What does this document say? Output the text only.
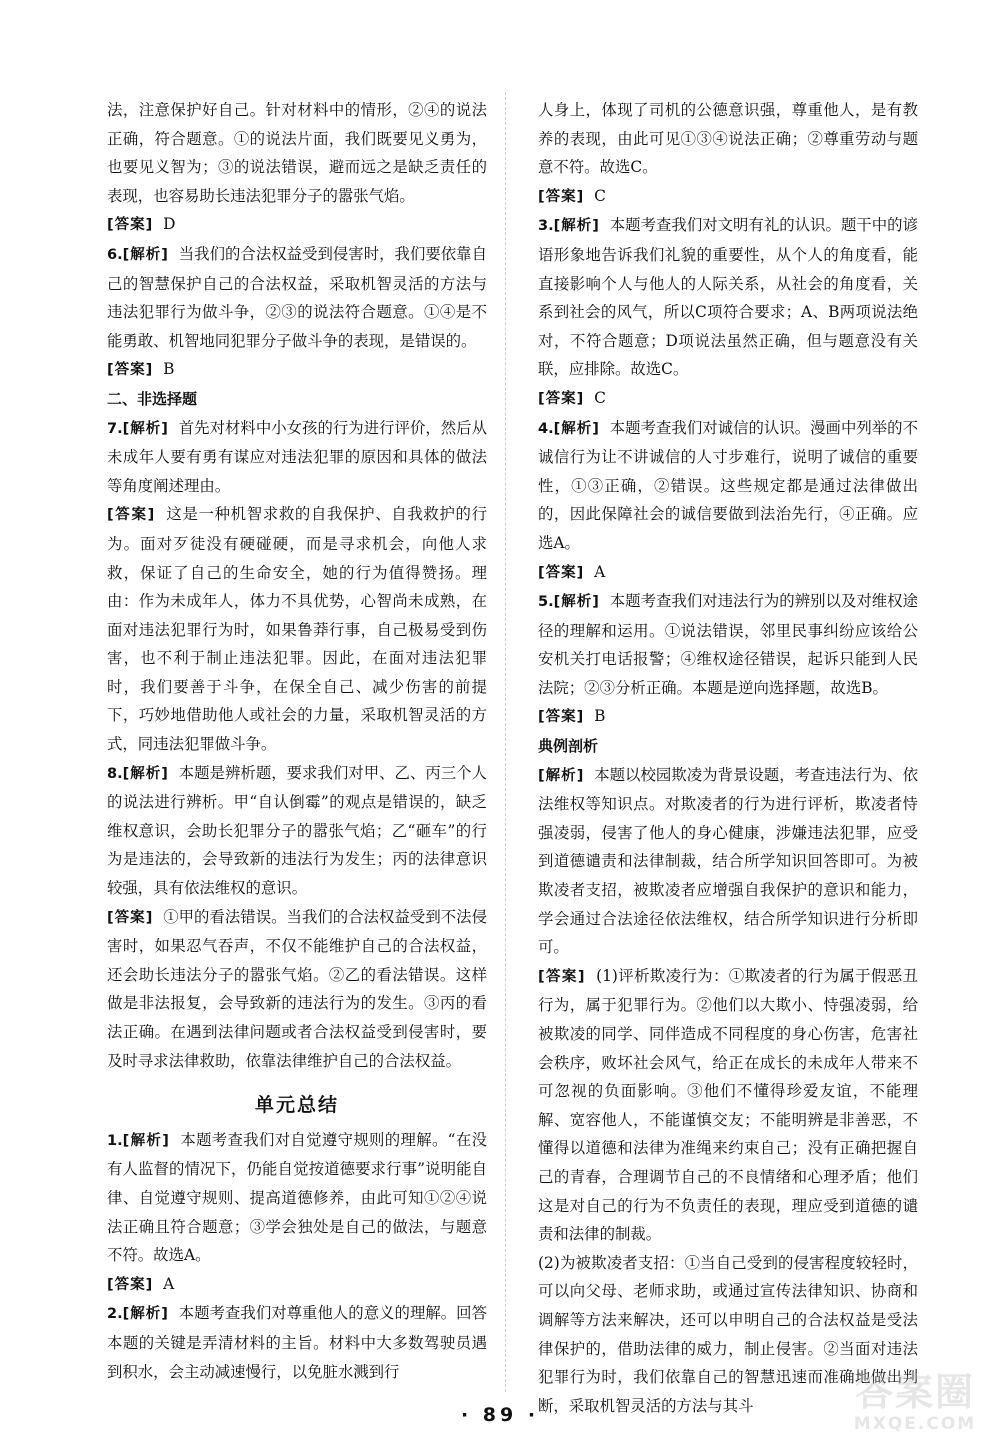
法，注意保护好自己。针对材料中的情形，②④的说法正确，符合题意。①的说法片面，我们既要见义勇为，也要见义智为；③的说法错误，避而远之是缺乏责任的表现，也容易助长违法犯罪分子的嚣张气焰。

[答案] D

6.[解析] 当我们的合法权益受到侵害时，我们要依靠自己的智慧保护自己的合法权益，采取机智灵活的方法与违法犯罪行为做斗争，②③的说法符合题意。①④是不能勇敢、机智地同犯罪分子做斗争的表现，是错误的。

[答案] B

二、非选择题

7.[解析] 首先对材料中小女孩的行为进行评价，然后从未成年人要有勇有谋应对违法犯罪的原因和具体的做法等角度阐述理由。

[答案] 这是一种机智求救的自我保护、自我救护的行为。面对歹徒没有硬碰硬，而是寻求机会，向他人求救，保证了自己的生命安全，她的行为值得赞扬。理由：作为未成年人，体力不具优势，心智尚未成熟，在面对违法犯罪行为时，如果鲁莽行事，自己极易受到伤害，也不利于制止违法犯罪。因此，在面对违法犯罪时，我们要善于斗争，在保全自己、减少伤害的前提下，巧妙地借助他人或社会的力量，采取机智灵活的方式，同违法犯罪做斗争。

8.[解析] 本题是辨析题，要求我们对甲、乙、丙三个人的说法进行辨析。甲“自认倒霉”的观点是错误的，缺乏维权意识，会助长犯罪分子的嚣张气焰；乙“砸车”的行为是违法的，会导致新的违法行为发生；丙的法律意识较强，具有依法维权的意识。

[答案] ①甲的看法错误。当我们的合法权益受到不法侵害时，如果忍气吞声，不仅不能维护自己的合法权益，还会助长违法分子的嚣张气焰。②乙的看法错误。这样做是非法报复，会导致新的违法行为的发生。③丙的看法正确。在遇到法律问题或者合法权益受到侵害时，要及时寻求法律救助，依靠法律维护自己的合法权益。

单元总结

1.[解析] 本题考查我们对自觉遵守规则的理解。“在没有人监督的情况下，仍能自觉按道德要求行事”说明能自律、自觉遵守规则、提高道德修养，由此可知①②④说法正确且符合题意；③学会独处是自己的做法，与题意不符。故选A。

[答案] A

2.[解析] 本题考查我们对尊重他人的意义的理解。回答本题的关键是弄清材料的主旨。材料中大多数驾驶员遇到积水，会主动减速慢行，以免脏水溅到行

人身上，体现了司机的公德意识强，尊重他人，是有教养的表现，由此可见①③④说法正确；②尊重劳动与题意不符。故选C。

[答案] C

3.[解析] 本题考查我们对文明有礼的认识。题干中的谚语形象地告诉我们礼貌的重要性，从个人的角度看，能直接影响个人与他人的人际关系，从社会的角度看，关系到社会的风气，所以C项符合要求；A、B两项说法绝对，不符合题意；D项说法虽然正确，但与题意没有关联，应排除。故选C。

[答案] C

4.[解析] 本题考查我们对诚信的认识。漫画中列举的不诚信行为让不讲诚信的人寸步难行，说明了诚信的重要性，①③正确，②错误。这些规定都是通过法律做出的，因此保障社会的诚信要做到法治先行，④正确。应选A。

[答案] A

5.[解析] 本题考查我们对违法行为的辨别以及对维权途径的理解和运用。①说法错误，邻里民事纠纷应该给公安机关打电话报警；④维权途径错误，起诉只能到人民法院；②③分析正确。本题是逆向选择题，故选B。

[答案] B

典例剖析

[解析] 本题以校园欺凌为背景设题，考查违法行为、依法维权等知识点。对欺凌者的行为进行评析，欺凌者恃强凌弱，侵害了他人的身心健康，涉嫌违法犯罪，应受到道德谴责和法律制裁，结合所学知识回答即可。为被欺凌者支招，被欺凌者应增强自我保护的意识和能力，学会通过合法途径依法维权，结合所学知识进行分析即可。

[答案] (1)评析欺凌行为：①欺凌者的行为属于假恶丑行为，属于犯罪行为。②他们以大欺小、恃强凌弱，给被欺凌的同学、同伴造成不同程度的身心伤害，危害社会秩序，败坏社会风气，给正在成长的未成年人带来不可忽视的负面影响。③他们不懂得珍爱友谊，不能理解、宽容他人，不能谨慎交友；不能明辨是非善恶，不懂得以道德和法律为准绳来约束自己；没有正确把握自己的青春，合理调节自己的不良情绪和心理矛盾；他们这是对自己的行为不负责任的表现，理应受到道德的谴责和法律的制裁。

(2)为被欺凌者支招：①当自己受到的侵害程度较轻时，可以向父母、老师求助，或通过宣传法律知识、协商和调解等方法来解决，还可以申明自己的合法权益是受法律保护的，借助法律的威力，制止侵害。②当面对违法犯罪行为时，我们依靠自己的智慧迅速而准确地做出判断，采取机智灵活的方法与其斗

· 89 ·
答案圈
MXQE.COM
